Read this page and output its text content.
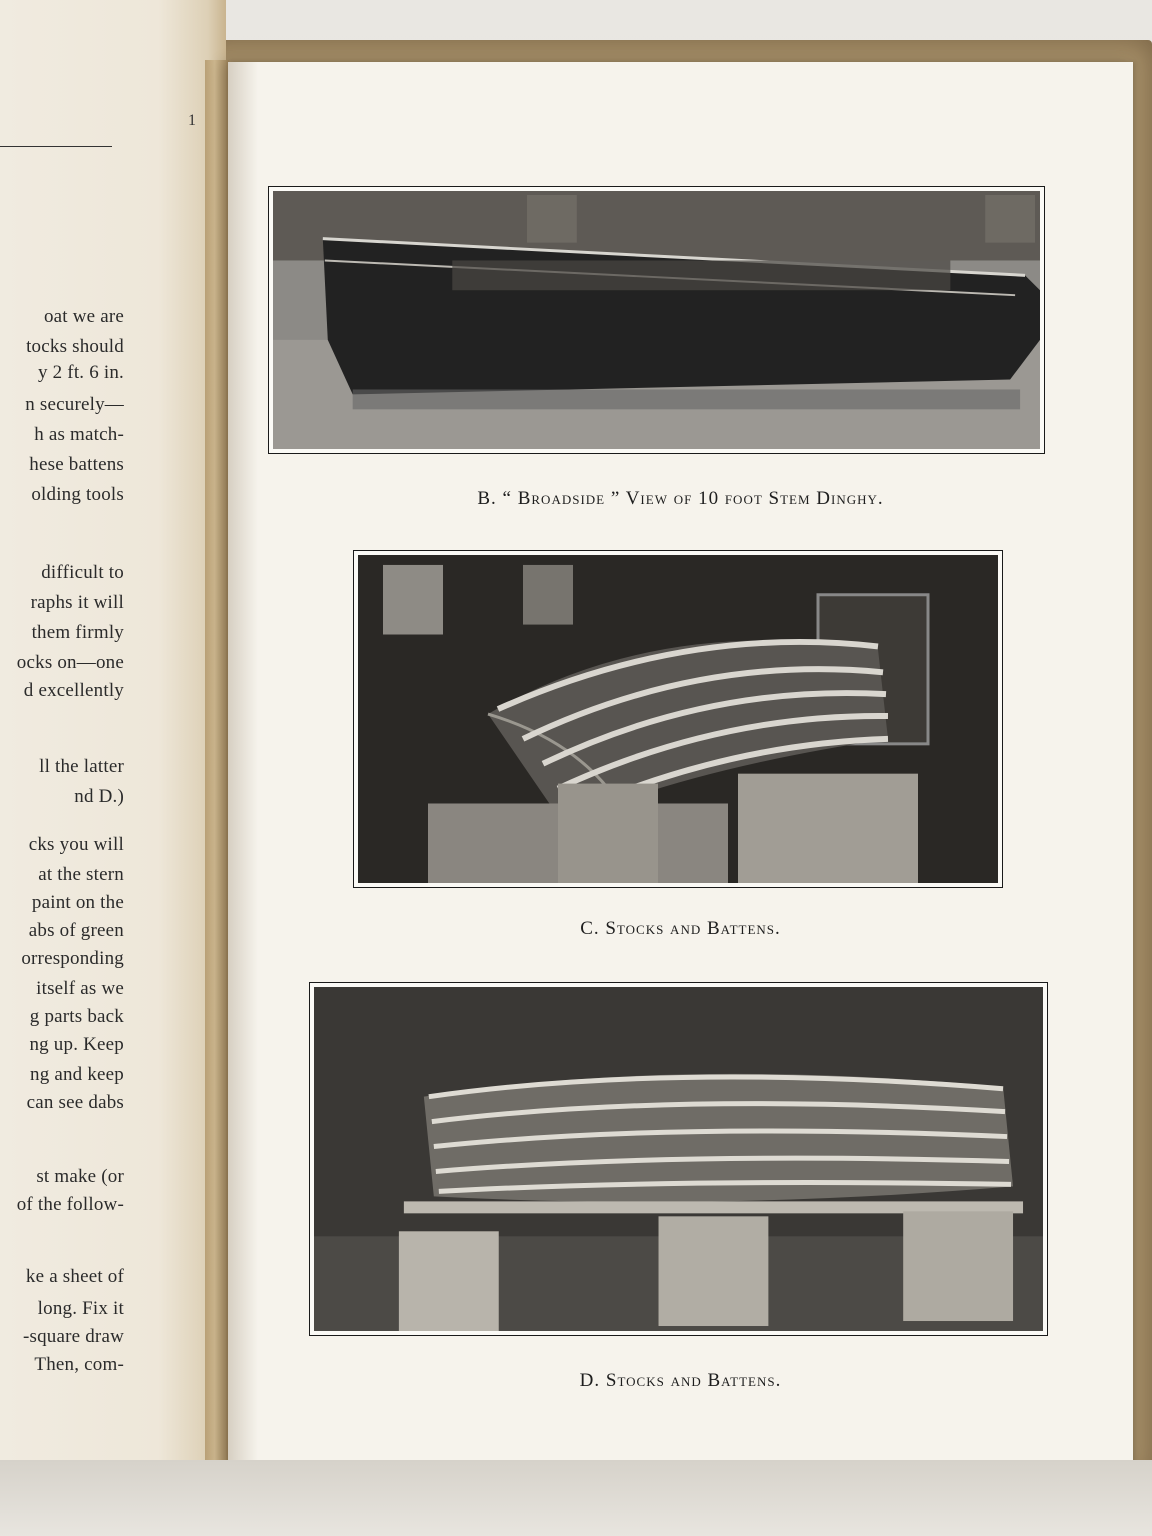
1
oat we are
tocks should
y 2 ft. 6 in.
n securely—
h as match-
hese battens
olding tools
difficult to
raphs it will
them firmly
ocks on—one
d excellently
ll the latter
nd D.)
cks you will
at the stern
paint on the
abs of green
orresponding
itself as we
g parts back
ng up. Keep
ng and keep
can see dabs
st make (or
of the follow-
ke a sheet of
long. Fix it
-square draw
Then, com-
B. “ Broadside ” View of 10 foot Stem Dinghy.
C. Stocks and Battens.
D. Stocks and Battens.
